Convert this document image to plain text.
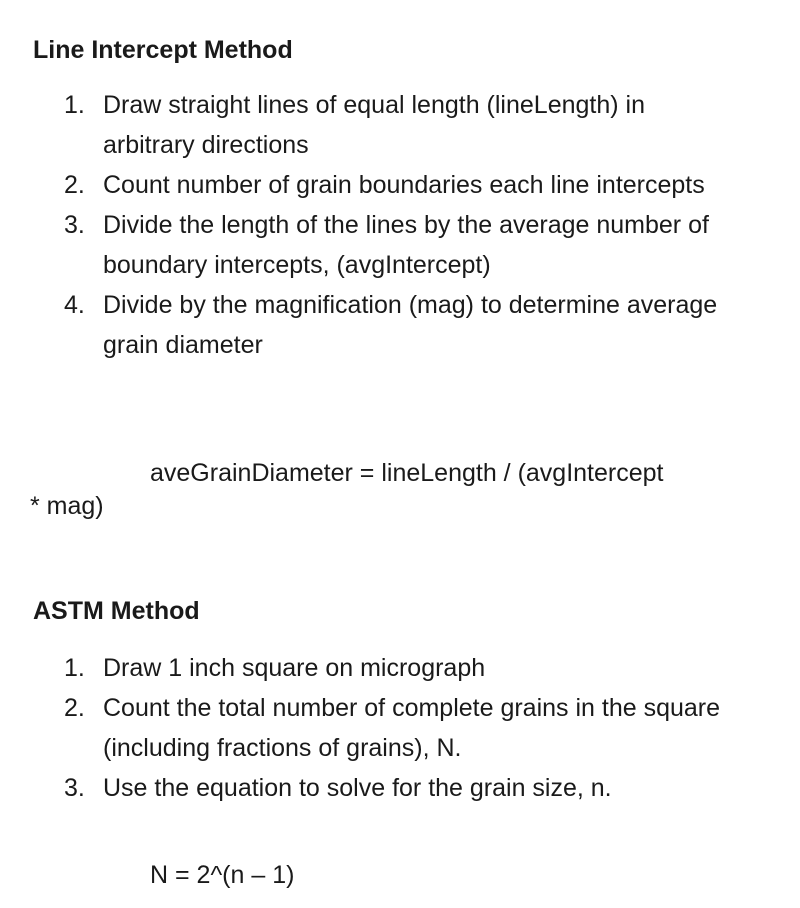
Line Intercept Method
1. Draw straight lines of equal length (lineLength) in arbitrary directions
2. Count number of grain boundaries each line intercepts
3. Divide the length of the lines by the average number of boundary intercepts, (avgIntercept)
4. Divide by the magnification (mag) to determine average grain diameter

aveGrainDiameter = lineLength / (avgIntercept

* mag)

ASTM Method
1. Draw 1 inch square on micrograph
2. Count the total number of complete grains in the square (including fractions of grains), N.
3. Use the equation to solve for the grain size, n.

N = 2^(n – 1)
